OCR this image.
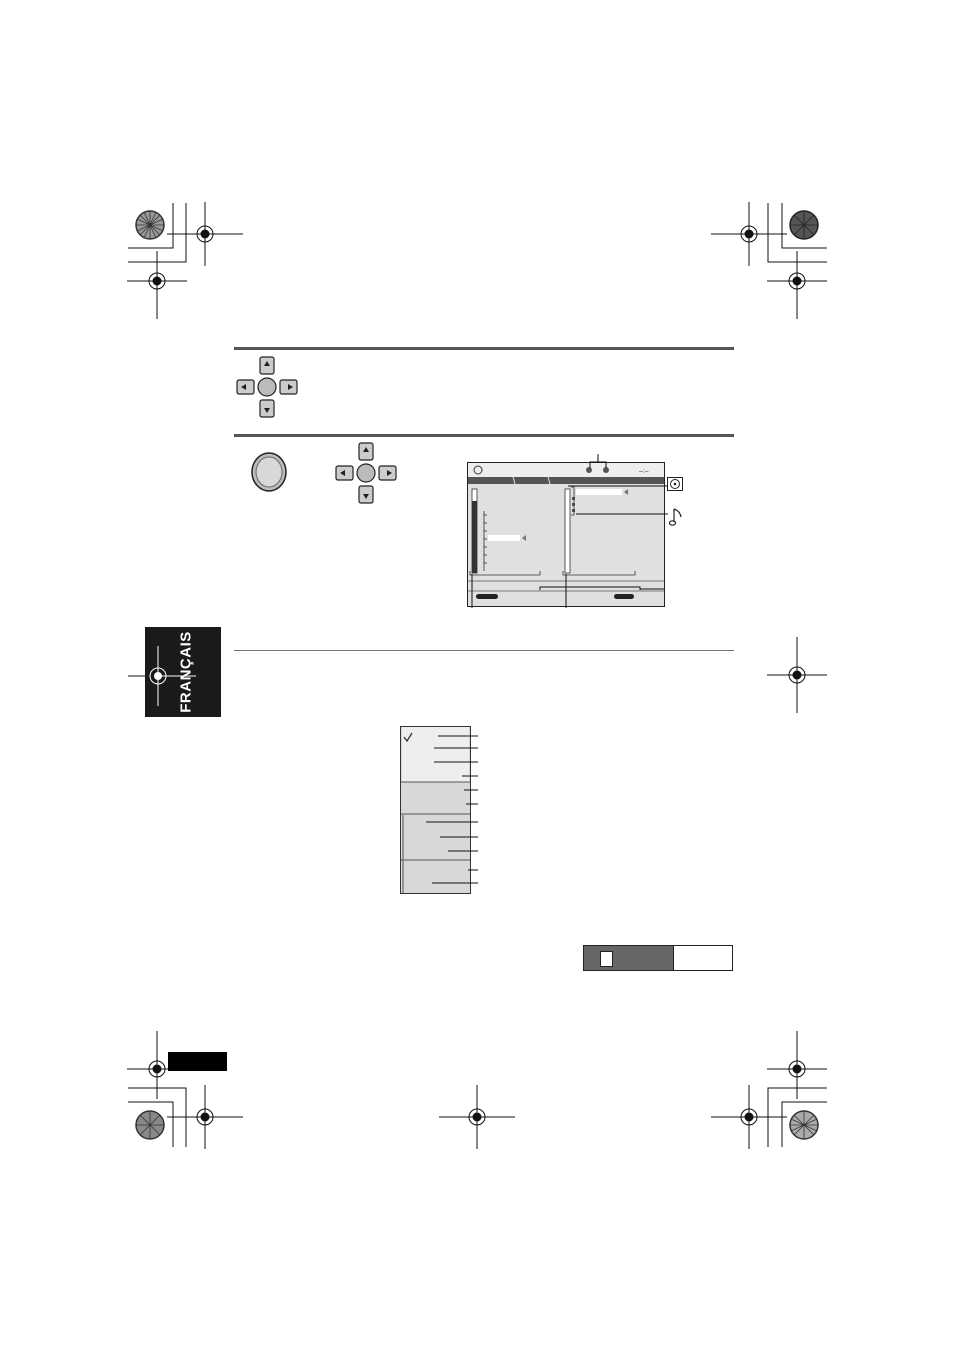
--:--
FRANÇAIS
